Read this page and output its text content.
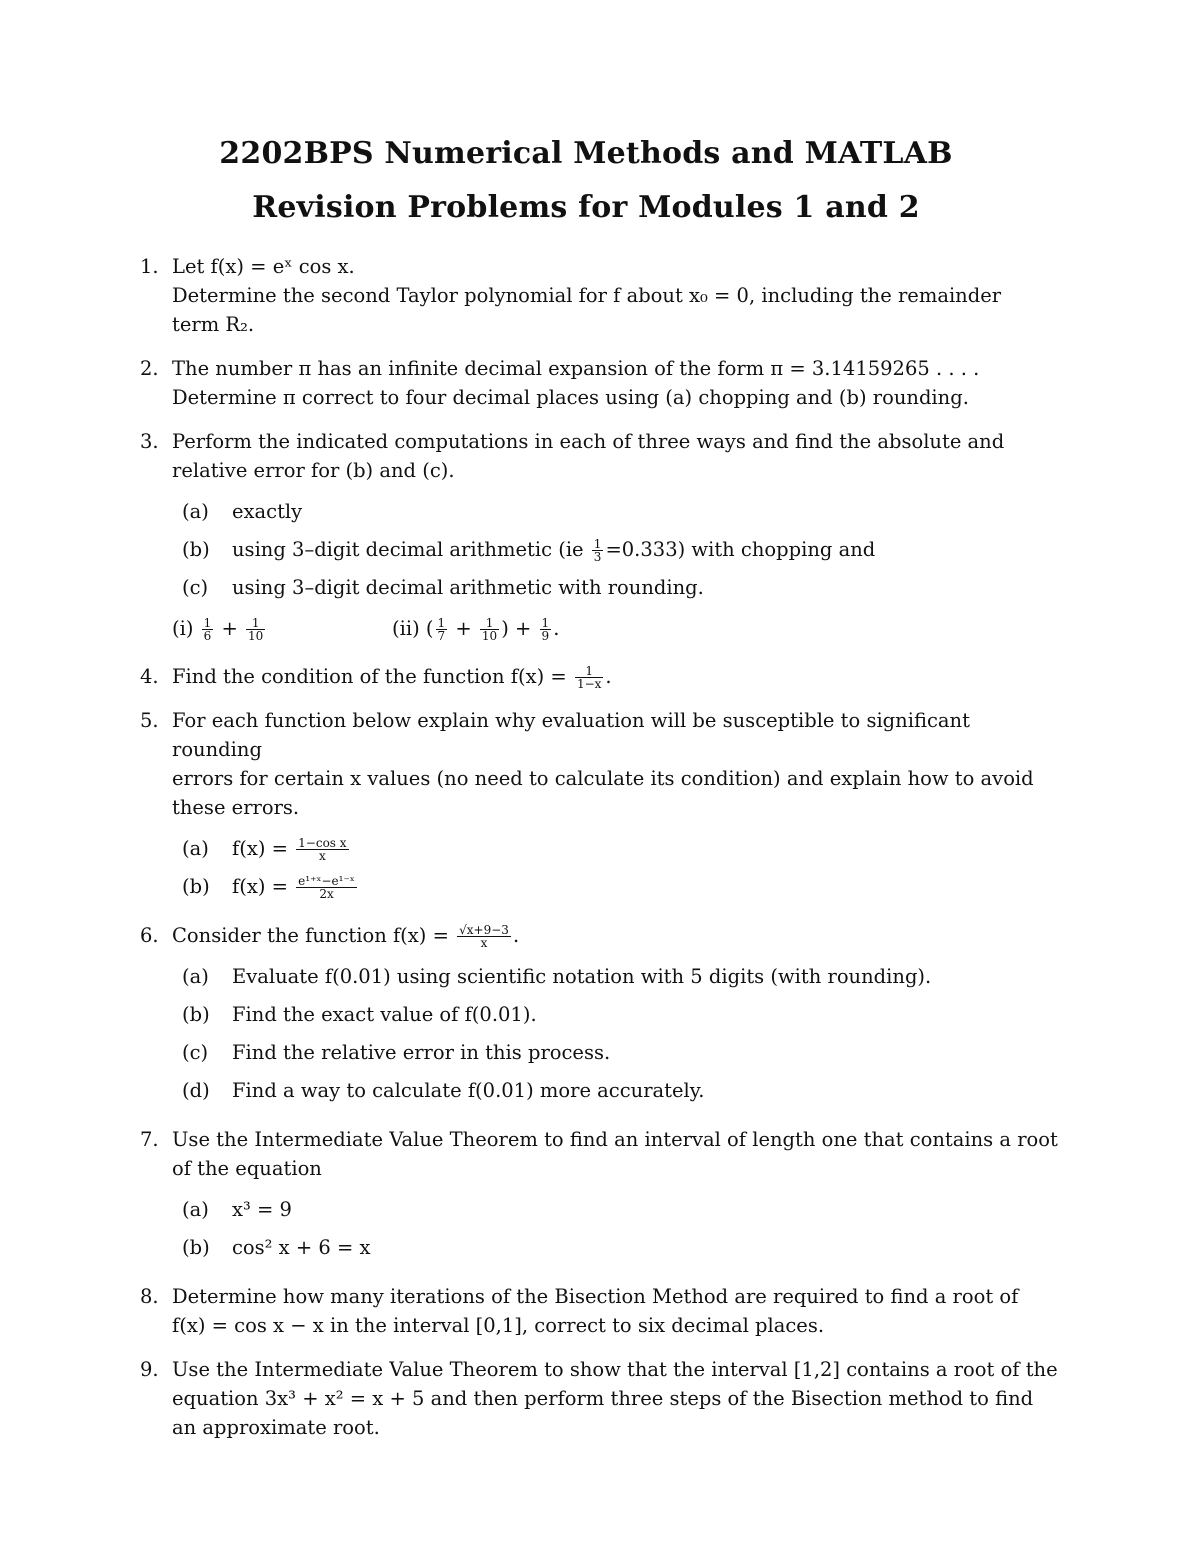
2202BPS Numerical Methods and MATLAB
Revision Problems for Modules 1 and 2
1. Let f(x) = eˣ cos x.
Determine the second Taylor polynomial for f about x₀ = 0, including the remainder
term R₂.
2. The number π has an infinite decimal expansion of the form π = 3.14159265 . . . .
Determine π correct to four decimal places using (a) chopping and (b) rounding.
3. Perform the indicated computations in each of three ways and find the absolute and
relative error for (b) and (c).
(a) exactly
(b) using 3–digit decimal arithmetic $(ie \frac{1}{3} =0.333)$ with chopping and
(c) using 3–digit decimal arithmetic with rounding.
$(i) \frac{1}{6} + \frac{1}{10}$	(ii) ( $\frac{1}{7} + \frac{1}{10}$ ) + $\frac{1}{9}$ .
4. Find the condition of the function $f(x) = \frac{1}{1-x}$ .
5. For each function below explain why evaluation will be susceptible to significant rounding
errors for certain x values (no need to calculate its condition) and explain how to avoid
these errors.
(a) $f(x) = \frac{\text{1−cos x}}{x}$
(b) $f(x) = \frac{\text{e¹⁺ˣ−e¹⁻ˣ}}{2x}$
6. Consider the function $f(x) = \frac{√x+9-3}{x}$ .
(a) Evaluate f(0.01) using scientific notation with 5 digits (with rounding).
(b) Find the exact value of f(0.01).
(c) Find the relative error in this process.
(d) Find a way to calculate f(0.01) more accurately.
7. Use the Intermediate Value Theorem to find an interval of length one that contains a root
of the equation
(a) x³ = 9
(b) cos² x + 6 = x
8. Determine how many iterations of the Bisection Method are required to find a root of
f(x) = cos x − x in the interval [0,1], correct to six decimal places.
9. Use the Intermediate Value Theorem to show that the interval [1,2] contains a root of the
equation 3x³ + x² = x + 5 and then perform three steps of the Bisection method to find
an approximate root.
